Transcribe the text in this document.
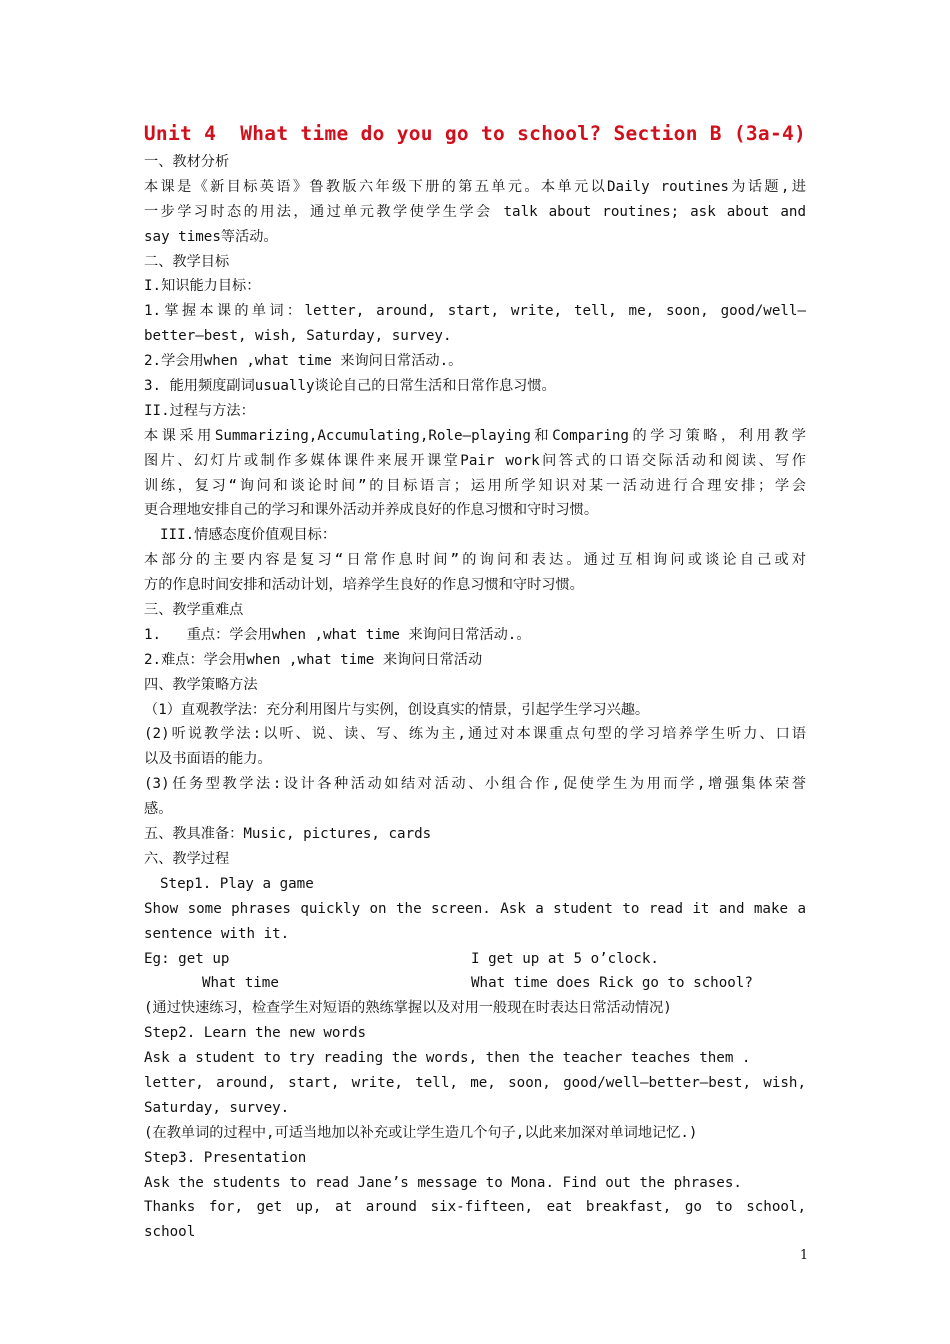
Unit 4  What time do you go to school? Section B (3a-4)
一、教材分析
本课是《新目标英语》鲁教版六年级下册的第五单元。本单元以Daily routines为话题,进
一步学习时态的用法，通过单元教学使学生学会 talk about routines; ask about and
say times等活动。
二、教学目标
I.知识能力目标：
1.掌握本课的单词：letter, around, start, write, tell, me, soon, good/well—
better—best, wish, Saturday, survey.
2.学会用when ,what time 来询问日常活动.。
3. 能用频度副词usually谈论自己的日常生活和日常作息习惯。
II.过程与方法：
本课采用Summarizing,Accumulating,Role—playing和Comparing的学习策略，利用教学
图片、幻灯片或制作多媒体课件来展开课堂Pair work问答式的口语交际活动和阅读、写作
训练，复习“询问和谈论时间”的目标语言；运用所学知识对某一活动进行合理安排；学会
更合理地安排自己的学习和课外活动并养成良好的作息习惯和守时习惯。
III.情感态度价值观目标：
本部分的主要内容是复习“日常作息时间”的询问和表达。通过互相询问或谈论自己或对
方的作息时间安排和活动计划，培养学生良好的作息习惯和守时习惯。
三、教学重难点
1.   重点：学会用when ,what time 来询问日常活动.。
2.难点：学会用when ,what time 来询问日常活动
四、教学策略方法
（1）直观教学法：充分利用图片与实例，创设真实的情景，引起学生学习兴趣。
(2)听说教学法:以听、说、读、写、练为主,通过对本课重点句型的学习培养学生听力、口语
以及书面语的能力。
(3)任务型教学法:设计各种活动如结对活动、小组合作,促使学生为用而学,增强集体荣誉
感。
五、教具准备：Music, pictures, cards
六、教学过程
Step1. Play a game
Show some phrases quickly on the screen. Ask a student to read it and make a
sentence with it.
Eg: get up	I get up at 5 o’clock.
What time	What time does Rick go to school?
(通过快速练习，检查学生对短语的熟练掌握以及对用一般现在时表达日常活动情况)
Step2. Learn the new words
Ask a student to try reading the words, then the teacher teaches them .
letter, around, start, write, tell, me, soon, good/well—better—best, wish,
Saturday, survey.
(在教单词的过程中,可适当地加以补充或让学生造几个句子,以此来加深对单词地记忆.)
Step3. Presentation
Ask the students to read Jane’s message to Mona. Find out the phrases.
Thanks for, get up, at around six-fifteen, eat breakfast, go to school, school
1
